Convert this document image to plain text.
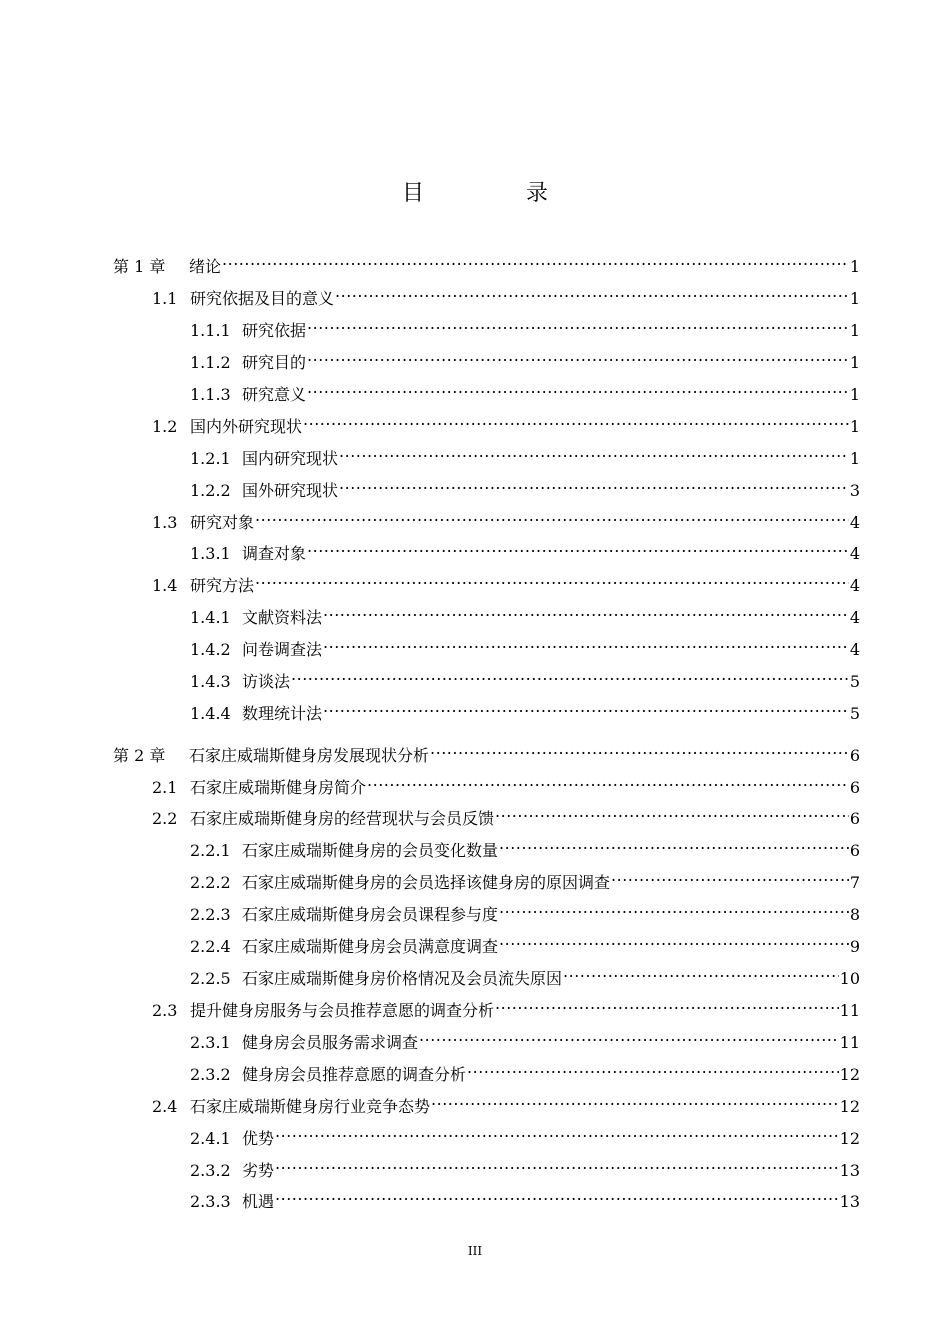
目　录
第 1 章	绪论 .....	1
1.1 研究依据及目的意义 .....	1
1.1.1 研究依据 .....	1
1.1.2 研究目的 .....	1
1.1.3 研究意义 .....	1
1.2 国内外研究现状 .....	1
1.2.1 国内研究现状 .....	1
1.2.2 国外研究现状 .....	3
1.3 研究对象 .....	4
1.3.1 调查对象 .....	4
1.4 研究方法 .....	4
1.4.1 文献资料法 .....	4
1.4.2 问卷调查法 .....	4
1.4.3 访谈法 .....	5
1.4.4 数理统计法 .....	5
第 2 章	石家庄威瑞斯健身房发展现状分析 .....	6
2.1 石家庄威瑞斯健身房简介 .....	6
2.2 石家庄威瑞斯健身房的经营现状与会员反馈 .....	6
2.2.1 石家庄威瑞斯健身房的会员变化数量 .....	6
2.2.2 石家庄威瑞斯健身房的会员选择该健身房的原因调查 .....	7
2.2.3 石家庄威瑞斯健身房会员课程参与度 .....	8
2.2.4 石家庄威瑞斯健身房会员满意度调查 .....	9
2.2.5 石家庄威瑞斯健身房价格情况及会员流失原因 .....	10
2.3 提升健身房服务与会员推荐意愿的调查分析 .....	11
2.3.1 健身房会员服务需求调查 .....	11
2.3.2 健身房会员推荐意愿的调查分析 .....	12
2.4 石家庄威瑞斯健身房行业竞争态势 .....	12
2.4.1 优势 .....	12
2.3.2 劣势 .....	13
2.3.3 机遇 .....	13
III
